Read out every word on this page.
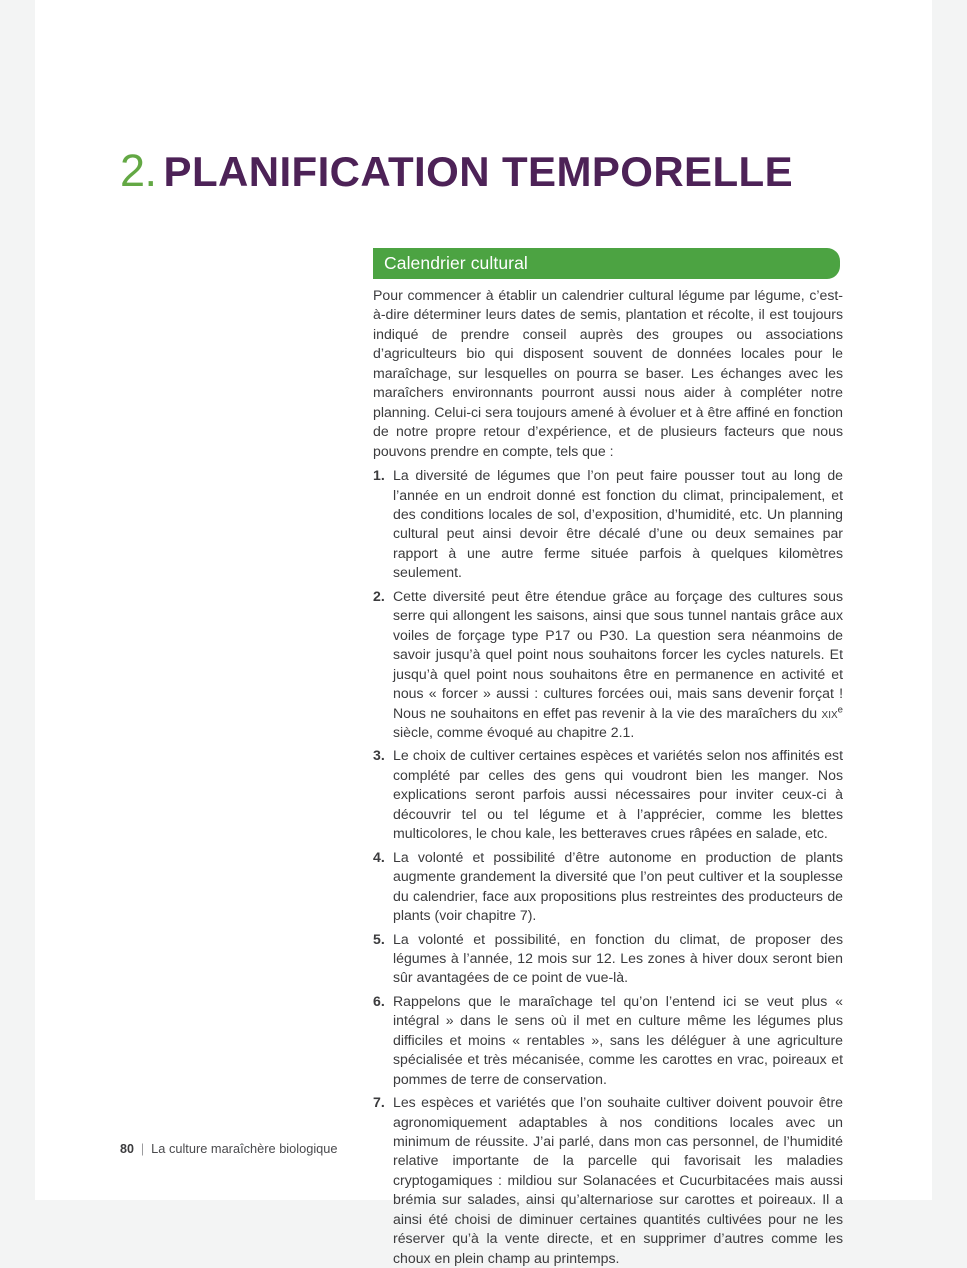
2. PLANIFICATION TEMPORELLE
Calendrier cultural

Pour commencer à établir un calendrier cultural légume par légume, c’est-à-dire déterminer leurs dates de semis, plantation et récolte, il est toujours indiqué de prendre conseil auprès des groupes ou associations d’agriculteurs bio qui disposent souvent de données locales pour le maraîchage, sur lesquelles on pourra se baser. Les échanges avec les maraîchers environnants pourront aussi nous aider à compléter notre planning. Celui-ci sera toujours amené à évoluer et à être affiné en fonction de notre propre retour d’expérience, et de plusieurs facteurs que nous pouvons prendre en compte, tels que :

1. La diversité de légumes que l’on peut faire pousser tout au long de l’année en un endroit donné est fonction du climat, principalement, et des conditions locales de sol, d’exposition, d’humidité, etc. Un planning cultural peut ainsi devoir être décalé d’une ou deux semaines par rapport à une autre ferme située parfois à quelques kilomètres seulement.
2. Cette diversité peut être étendue grâce au forçage des cultures sous serre qui allongent les saisons, ainsi que sous tunnel nantais grâce aux voiles de forçage type P17 ou P30. La question sera néanmoins de savoir jusqu’à quel point nous souhaitons forcer les cycles naturels. Et jusqu’à quel point nous souhaitons être en permanence en activité et nous « forcer » aussi : cultures forcées oui, mais sans devenir forçat ! Nous ne souhaitons en effet pas revenir à la vie des maraîchers du xix$^e$ siècle, comme évoqué au chapitre 2.1.
3. Le choix de cultiver certaines espèces et variétés selon nos affinités est complété par celles des gens qui voudront bien les manger. Nos explications seront parfois aussi nécessaires pour inviter ceux-ci à découvrir tel ou tel légume et à l’apprécier, comme les blettes multicolores, le chou kale, les betteraves crues râpées en salade, etc.
4. La volonté et possibilité d’être autonome en production de plants augmente grandement la diversité que l’on peut cultiver et la souplesse du calendrier, face aux propositions plus restreintes des producteurs de plants (voir chapitre 7).
5. La volonté et possibilité, en fonction du climat, de proposer des légumes à l’année, 12 mois sur 12. Les zones à hiver doux seront bien sûr avantagées de ce point de vue-là.
6. Rappelons que le maraîchage tel qu’on l’entend ici se veut plus « intégral » dans le sens où il met en culture même les légumes plus difficiles et moins « rentables », sans les déléguer à une agriculture spécialisée et très mécanisée, comme les carottes en vrac, poireaux et pommes de terre de conservation.
7. Les espèces et variétés que l’on souhaite cultiver doivent pouvoir être agronomiquement adaptables à nos conditions locales avec un minimum de réussite. J’ai parlé, dans mon cas personnel, de l’humidité relative importante de la parcelle qui favorisait les maladies cryptogamiques : mildiou sur Solanacées et Cucurbitacées mais aussi brémia sur salades, ainsi qu’alternariose sur carottes et poireaux. Il a ainsi été choisi de diminuer certaines quantités cultivées pour ne les réserver qu’à la vente directe, et en supprimer d’autres comme les choux en plein champ au printemps.
80 | La culture maraîchère biologique
